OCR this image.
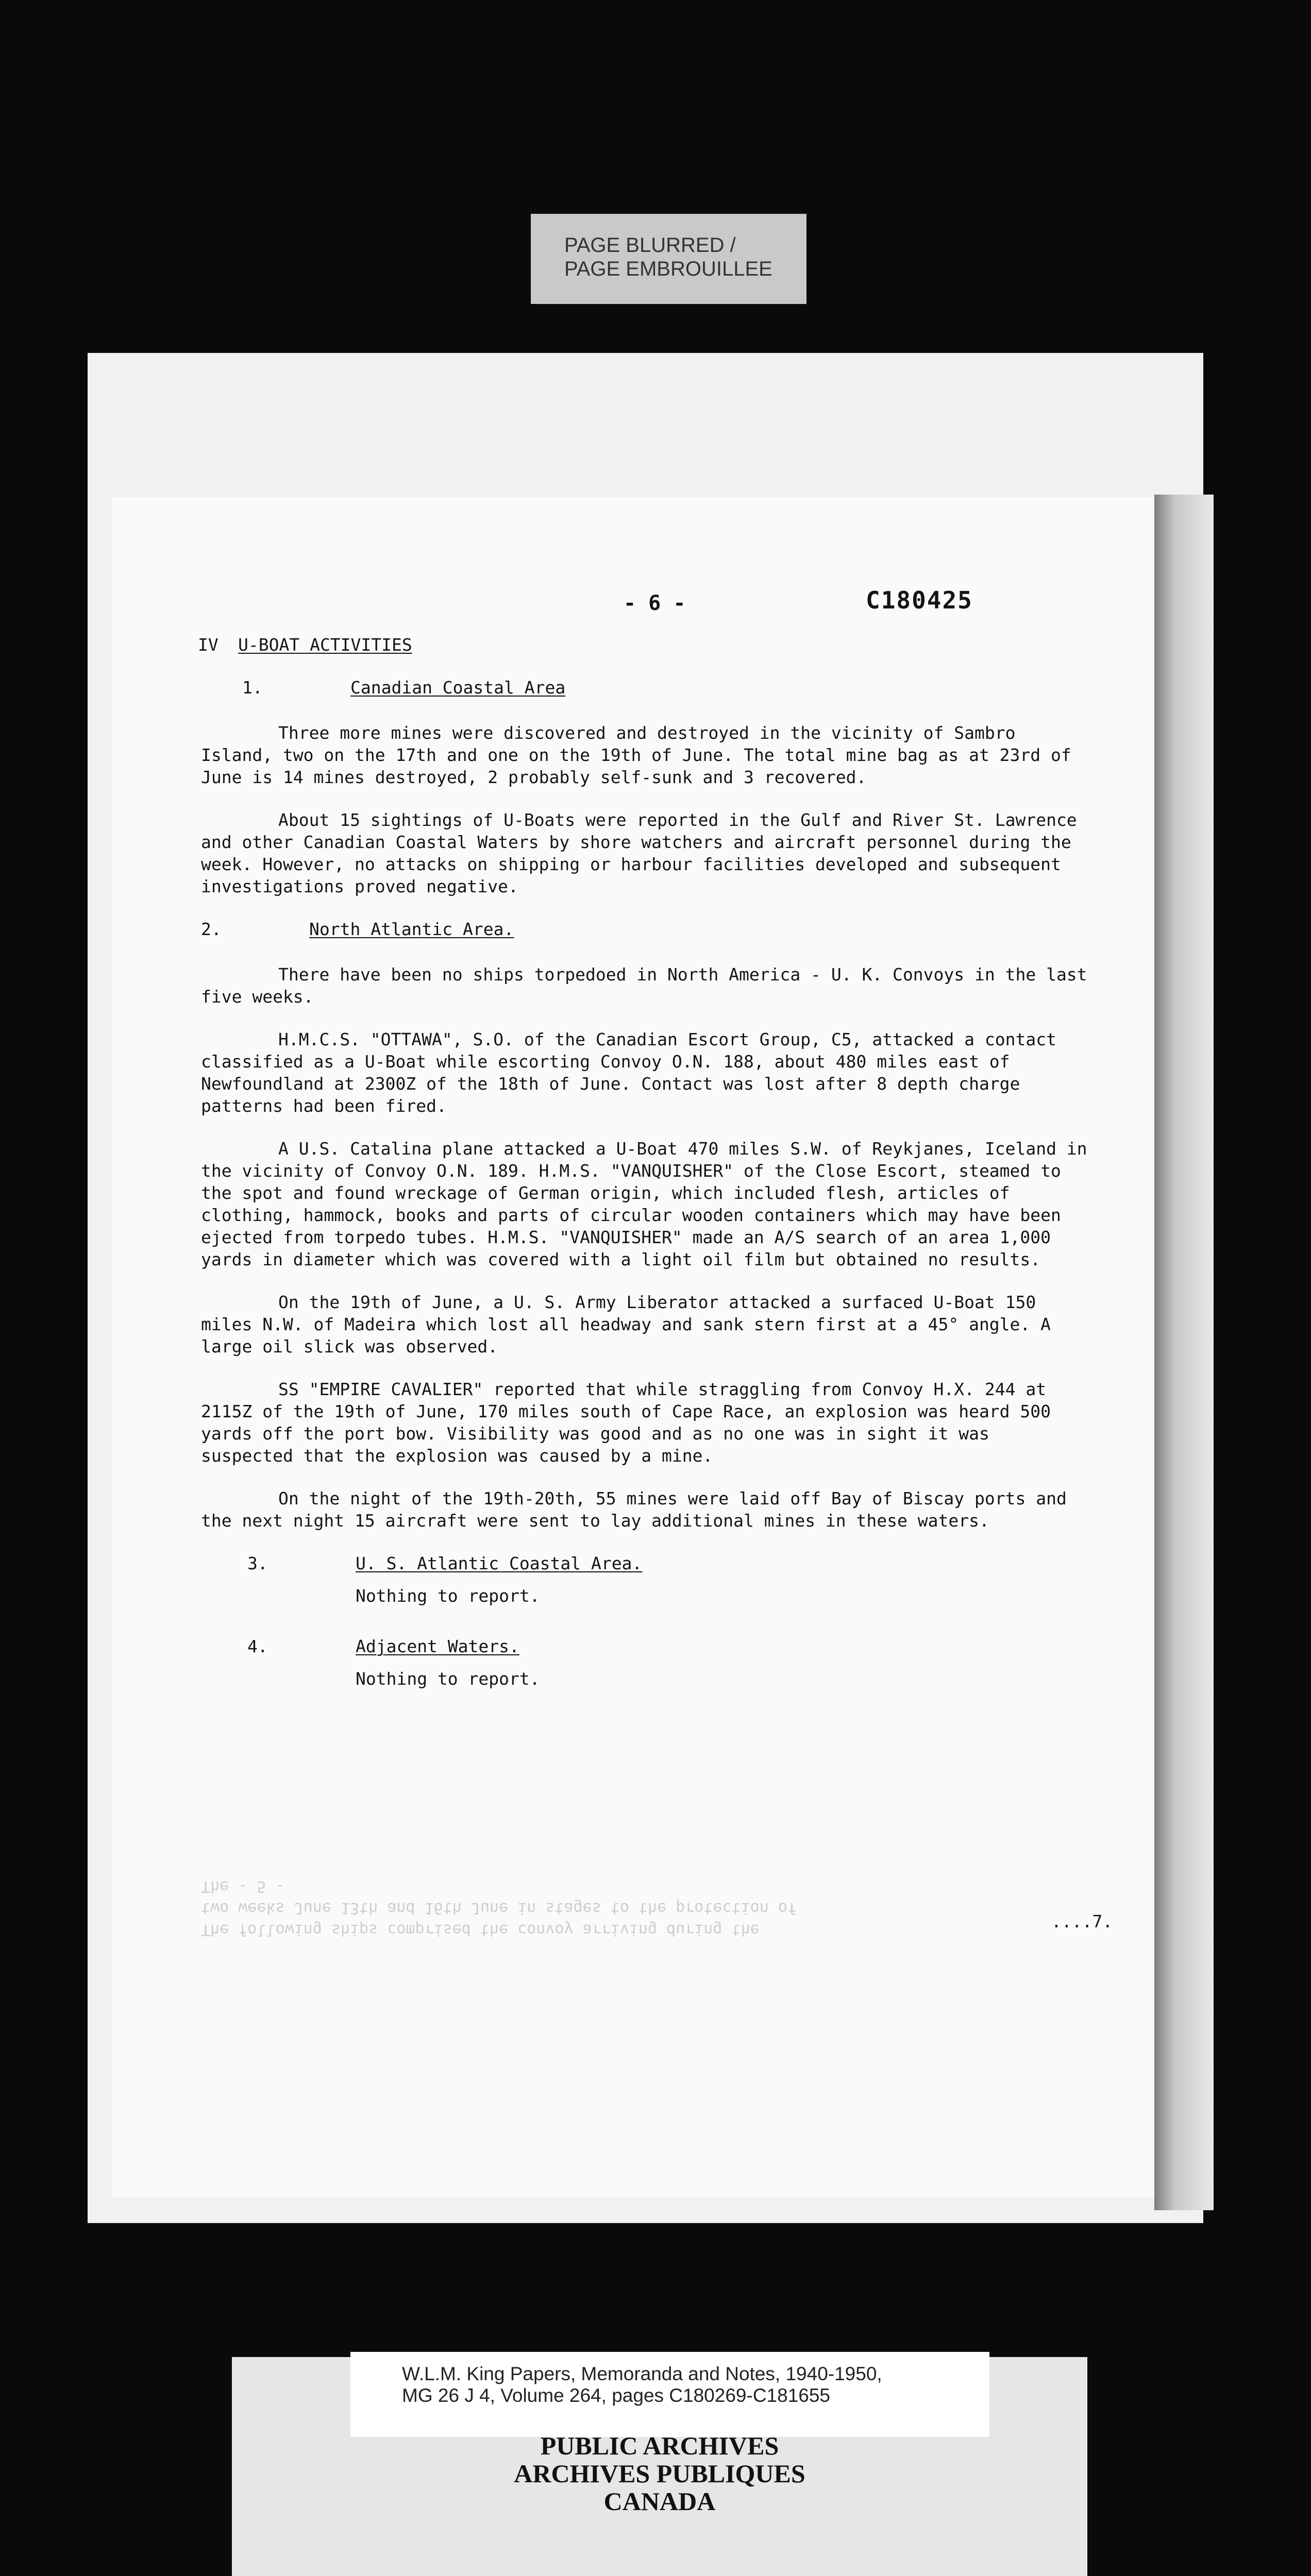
PAGE BLURRED /
PAGE EMBROUILLEE
- 6 -	C180425
IV U-BOAT ACTIVITIES
1.	Canadian Coastal Area

Three more mines were discovered and destroyed in the vicinity of Sambro Island, two on the 17th and one on the 19th of June. The total mine bag as at 23rd of June is 14 mines destroyed, 2 probably self-sunk and 3 recovered.

About 15 sightings of U-Boats were reported in the Gulf and River St. Lawrence and other Canadian Coastal Waters by shore watchers and aircraft personnel during the week. However, no attacks on shipping or harbour facilities developed and subsequent investigations proved negative.

2.	North Atlantic Area.

There have been no ships torpedoed in North America - U. K. Convoys in the last five weeks.

H.M.C.S. "OTTAWA", S.O. of the Canadian Escort Group, C5, attacked a contact classified as a U-Boat while escorting Convoy O.N. 188, about 480 miles east of Newfoundland at 2300Z of the 18th of June. Contact was lost after 8 depth charge patterns had been fired.

A U.S. Catalina plane attacked a U-Boat 470 miles S.W. of Reykjanes, Iceland in the vicinity of Convoy O.N. 189. H.M.S. "VANQUISHER" of the Close Escort, steamed to the spot and found wreckage of German origin, which included flesh, articles of clothing, hammock, books and parts of circular wooden containers which may have been ejected from torpedo tubes. H.M.S. "VANQUISHER" made an A/S search of an area 1,000 yards in diameter which was covered with a light oil film but obtained no results.

On the 19th of June, a U. S. Army Liberator attacked a surfaced U-Boat 150 miles N.W. of Madeira which lost all headway and sank stern first at a 45° angle. A large oil slick was observed.

SS "EMPIRE CAVALIER" reported that while straggling from Convoy H.X. 244 at 2115Z of the 19th of June, 170 miles south of Cape Race, an explosion was heard 500 yards off the port bow. Visibility was good and as no one was in sight it was suspected that the explosion was caused by a mine.

On the night of the 19th-20th, 55 mines were laid off Bay of Biscay ports and the next night 15 aircraft were sent to lay additional mines in these waters.

3.	U. S. Atlantic Coastal Area.
Nothing to report.
4.	Adjacent Waters.
Nothing to report.
....7.
The following ships comprised the convoy arriving during the
two weeks June 13th and 16th June in stages to the protection of
The - 5 -
W.L.M. King Papers, Memoranda and Notes, 1940-1950,
MG 26 J 4, Volume 264, pages C180269-C181655
PUBLIC ARCHIVES
ARCHIVES PUBLIQUES
CANADA
